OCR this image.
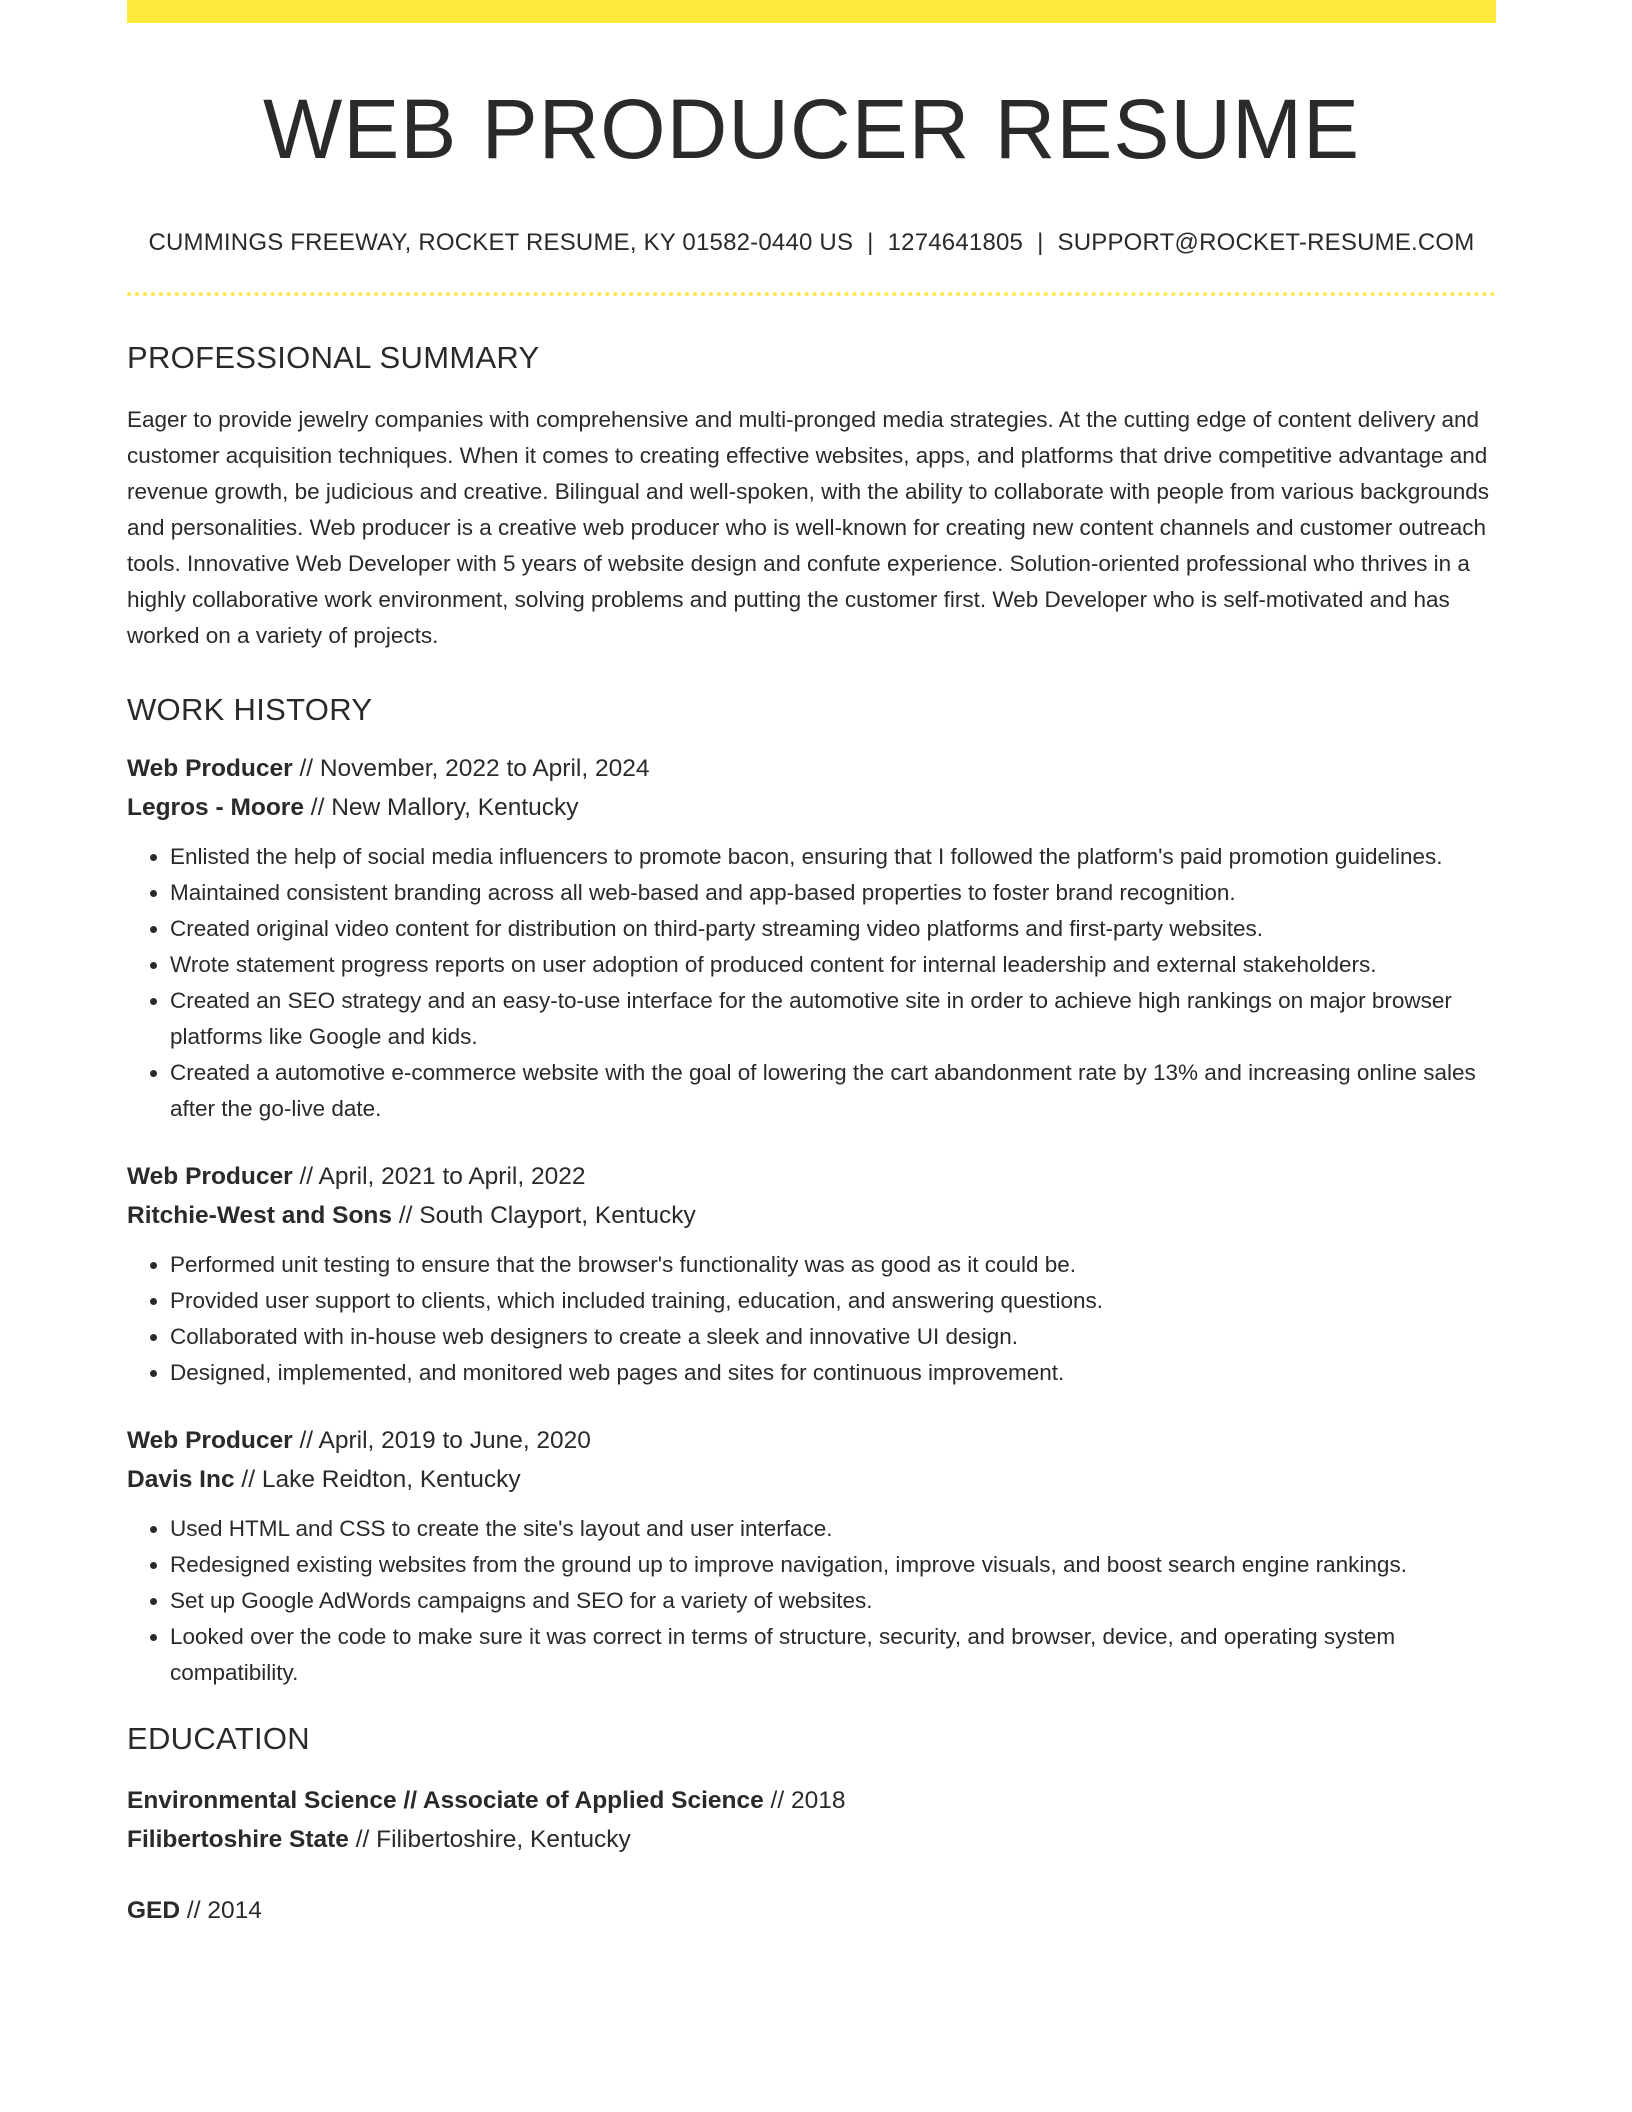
WEB PRODUCER RESUME
CUMMINGS FREEWAY, ROCKET RESUME, KY 01582-0440 US | 1274641805 | SUPPORT@ROCKET-RESUME.COM
PROFESSIONAL SUMMARY
Eager to provide jewelry companies with comprehensive and multi-pronged media strategies. At the cutting edge of content delivery and customer acquisition techniques. When it comes to creating effective websites, apps, and platforms that drive competitive advantage and revenue growth, be judicious and creative. Bilingual and well-spoken, with the ability to collaborate with people from various backgrounds and personalities. Web producer is a creative web producer who is well-known for creating new content channels and customer outreach tools. Innovative Web Developer with 5 years of website design and confute experience. Solution-oriented professional who thrives in a highly collaborative work environment, solving problems and putting the customer first. Web Developer who is self-motivated and has worked on a variety of projects.
WORK HISTORY
Web Producer // November, 2022 to April, 2024
Legros - Moore // New Mallory, Kentucky
• Enlisted the help of social media influencers to promote bacon, ensuring that I followed the platform's paid promotion guidelines.
• Maintained consistent branding across all web-based and app-based properties to foster brand recognition.
• Created original video content for distribution on third-party streaming video platforms and first-party websites.
• Wrote statement progress reports on user adoption of produced content for internal leadership and external stakeholders.
• Created an SEO strategy and an easy-to-use interface for the automotive site in order to achieve high rankings on major browser platforms like Google and kids.
• Created a automotive e-commerce website with the goal of lowering the cart abandonment rate by 13% and increasing online sales after the go-live date.
Web Producer // April, 2021 to April, 2022
Ritchie-West and Sons // South Clayport, Kentucky
• Performed unit testing to ensure that the browser's functionality was as good as it could be.
• Provided user support to clients, which included training, education, and answering questions.
• Collaborated with in-house web designers to create a sleek and innovative UI design.
• Designed, implemented, and monitored web pages and sites for continuous improvement.
Web Producer // April, 2019 to June, 2020
Davis Inc // Lake Reidton, Kentucky
• Used HTML and CSS to create the site's layout and user interface.
• Redesigned existing websites from the ground up to improve navigation, improve visuals, and boost search engine rankings.
• Set up Google AdWords campaigns and SEO for a variety of websites.
• Looked over the code to make sure it was correct in terms of structure, security, and browser, device, and operating system compatibility.
EDUCATION
Environmental Science // Associate of Applied Science // 2018
Filibertoshire State // Filibertoshire, Kentucky
GED // 2014
